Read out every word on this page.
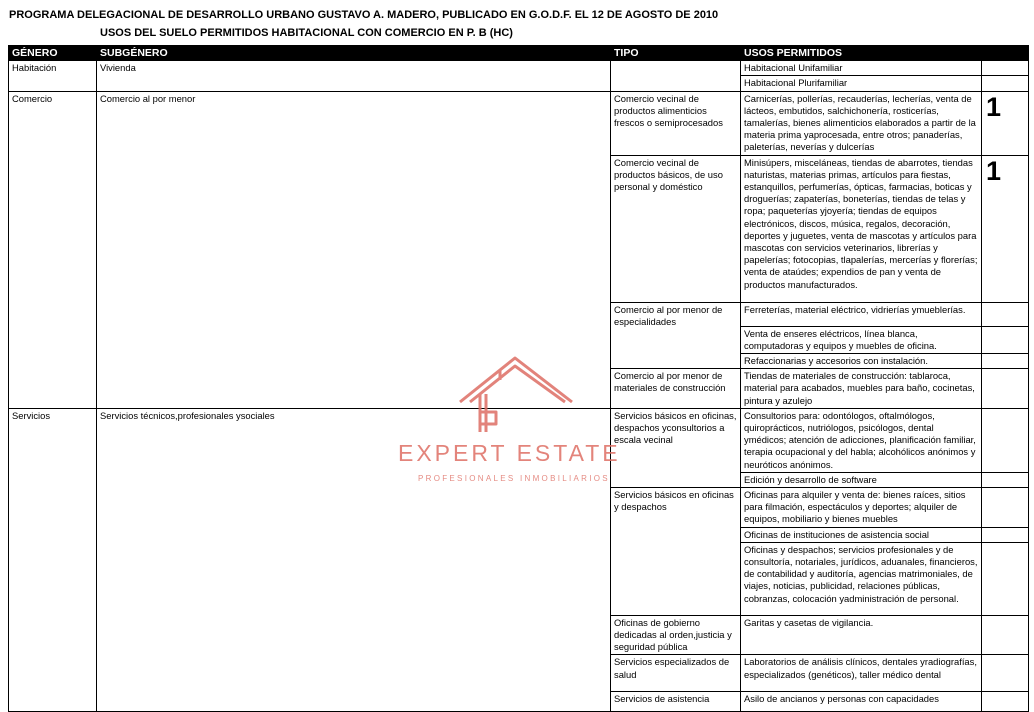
PROGRAMA DELEGACIONAL DE DESARROLLO URBANO GUSTAVO A. MADERO, PUBLICADO EN G.O.D.F. EL 12 DE AGOSTO DE 2010
USOS DEL SUELO PERMITIDOS HABITACIONAL CON COMERCIO EN P. B (HC)
GÉNERO	SUBGÉNERO	TIPO	USOS PERMITIDOS	
Habitación	Vivienda		Habitacional Unifamiliar	
			Habitacional Plurifamiliar	
Comercio	Comercio al por menor	Comercio vecinal de productos alimenticios frescos o semiprocesados	Carnicerías, pollerías, recauderías, lecherías, venta de lácteos, embutidos, salchichonería, rosticerías, tamalerías, bienes alimenticios elaborados a partir de la materia prima yaprocesada, entre otros; panaderías, paleterías, neverías y dulcerías	1
		Comercio vecinal de productos básicos, de uso personal y doméstico	Minisúpers, misceláneas, tiendas de abarrotes, tiendas naturistas, materias primas, artículos para fiestas, estanquillos, perfumerías, ópticas, farmacias, boticas y droguerías; zapaterías, boneterías, tiendas de telas y ropa; paqueterías yjoyería; tiendas de equipos electrónicos, discos, música, regalos, decoración, deportes y juguetes, venta de mascotas y artículos para mascotas con servicios veterinarios, librerías y papelerías; fotocopias, tlapalerías, mercerías y florerías; venta de ataúdes; expendios de pan y venta de productos manufacturados.	1
		Comercio al por menor de especialidades	Ferreterías, material eléctrico, vidrierías ymueblerías.	
			Venta de enseres eléctricos, línea blanca, computadoras y equipos y muebles de oficina.	
			Refaccionarias y accesorios con instalación.	
		Comercio al por menor de materiales de construcción	Tiendas de materiales de construcción: tablaroca, material para acabados, muebles para baño, cocinetas, pintura y azulejo	
Servicios	Servicios técnicos,profesionales ysociales	Servicios básicos en oficinas, despachos yconsultorios a escala vecinal	Consultorios para: odontólogos, oftalmólogos, quiroprácticos, nutriólogos, psicólogos, dental ymédicos; atención de adicciones, planificación familiar, terapia ocupacional y del habla; alcohólicos anónimos y neuróticos anónimos.	
			Edición y desarrollo de software	
		Servicios básicos en oficinas y despachos	Oficinas para alquiler y venta de: bienes raíces, sitios para filmación, espectáculos y deportes; alquiler de equipos, mobiliario y bienes muebles	
			Oficinas de instituciones de asistencia social	
			Oficinas y despachos; servicios profesionales y de consultoría, notariales, jurídicos, aduanales, financieros, de contabilidad y auditoría, agencias matrimoniales, de viajes, noticias, publicidad, relaciones públicas, cobranzas, colocación yadministración de personal.	
		Oficinas de gobierno dedicadas al orden,justicia y seguridad pública	Garitas y casetas de vigilancia.	
		Servicios especializados de salud	Laboratorios de análisis clínicos, dentales yradiografías, especializados (genéticos), taller médico dental	
		Servicios de asistencia	Asilo de ancianos y personas con capacidades	
EXPERT ESTATE
PROFESIONALES INMOBILIARIOS
